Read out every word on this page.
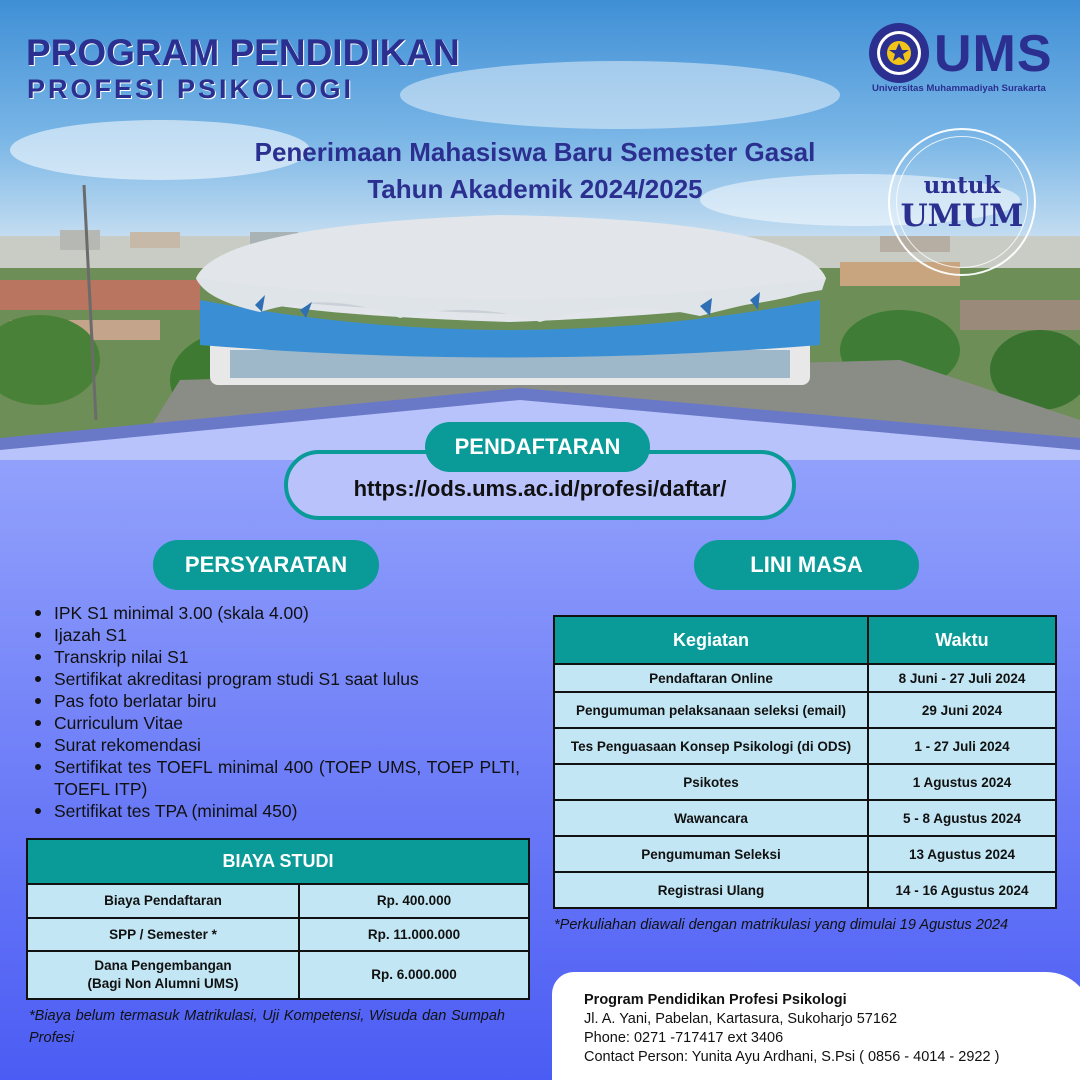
PROGRAM PENDIDIKAN
PROFESI PSIKOLOGI
UMS
Universitas Muhammadiyah Surakarta
Penerimaan Mahasiswa Baru Semester Gasal
Tahun Akademik 2024/2025	untuk
UMUM
https://ods.ums.ac.id/profesi/daftar/
PENDAFTARAN
PERSYARATAN
IPK S1 minimal 3.00 (skala 4.00)
Ijazah S1
Transkrip nilai S1
Sertifikat akreditasi program studi S1 saat lulus
Pas foto berlatar biru
Curriculum Vitae
Surat rekomendasi
Sertifikat tes TOEFL minimal 400 (TOEP UMS, TOEP PLTI, TOEFL ITP)
Sertifikat tes TPA (minimal 450)
BIAYA STUDI	
Biaya Pendaftaran	Rp. 400.000
SPP / Semester *	Rp. 11.000.000

Dana Pengembangan
(Bagi Non Alumni UMS)	Rp. 6.000.000
*Biaya belum termasuk Matrikulasi, Uji Kompetensi, Wisuda dan Sumpah Profesi
LINI MASA
Kegiatan	Waktu
Pendaftaran Online	8 Juni - 27 Juli 2024
Pengumuman pelaksanaan seleksi (email)	29 Juni 2024
Tes Penguasaan Konsep Psikologi (di ODS)	1 - 27 Juli 2024
Psikotes	1 Agustus 2024
Wawancara	5 - 8 Agustus 2024
Pengumuman Seleksi	13 Agustus 2024
Registrasi Ulang	14 - 16 Agustus 2024
*Perkuliahan diawali dengan matrikulasi yang dimulai 19 Agustus 2024
Program Pendidikan Profesi Psikologi
Jl. A. Yani, Pabelan, Kartasura, Sukoharjo 57162
Phone: 0271 -717417 ext 3406
Contact Person: Yunita Ayu Ardhani, S.Psi ( 0856 - 4014 - 2922 )
